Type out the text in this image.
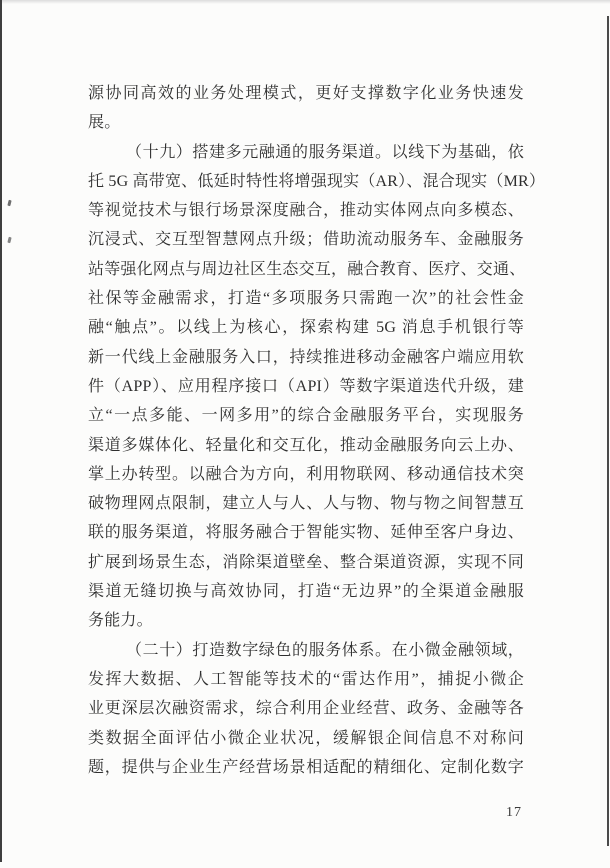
源协同高效的业务处理模式，更好支撑数字化业务快速发
展。
（十九）搭建多元融通的服务渠道。以线下为基础，依
托 5G 高带宽、低延时特性将增强现实（AR）、混合现实（MR）
等视觉技术与银行场景深度融合，推动实体网点向多模态、
沉浸式、交互型智慧网点升级；借助流动服务车、金融服务
站等强化网点与周边社区生态交互，融合教育、医疗、交通、
社保等金融需求，打造“多项服务只需跑一次”的社会性金
融“触点”。以线上为核心，探索构建 5G 消息手机银行等
新一代线上金融服务入口，持续推进移动金融客户端应用软
件（APP）、应用程序接口（API）等数字渠道迭代升级，建
立“一点多能、一网多用”的综合金融服务平台，实现服务
渠道多媒体化、轻量化和交互化，推动金融服务向云上办、
掌上办转型。以融合为方向，利用物联网、移动通信技术突
破物理网点限制，建立人与人、人与物、物与物之间智慧互
联的服务渠道，将服务融合于智能实物、延伸至客户身边、
扩展到场景生态，消除渠道壁垒、整合渠道资源，实现不同
渠道无缝切换与高效协同，打造“无边界”的全渠道金融服
务能力。
（二十）打造数字绿色的服务体系。在小微金融领域，
发挥大数据、人工智能等技术的“雷达作用”，捕捉小微企
业更深层次融资需求，综合利用企业经营、政务、金融等各
类数据全面评估小微企业状况，缓解银企间信息不对称问
题，提供与企业生产经营场景相适配的精细化、定制化数字
17
